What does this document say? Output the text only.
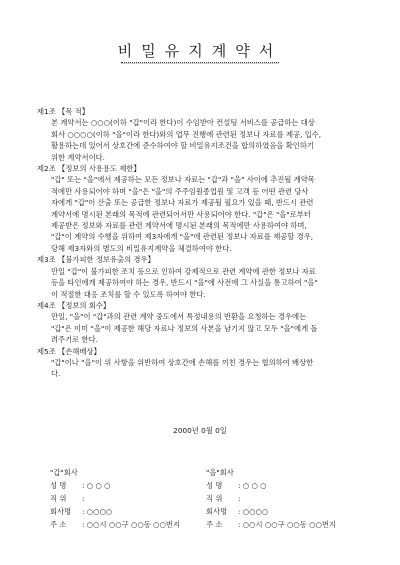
비밀유지계약서
제1조 【목 적】
본 계약서는 ○○○(이하 "갑"이라 한다)이 수임받아 컨설팅 서비스를 공급하는 대상
회사 ○○○○(이하 "을"이라 한다)와의 업무 진행에 관련된 정보나 자료를 제공, 입수,
활용하는데 있어서 상호간에 준수하여야 할 비밀유지조건을 합의하였음을 확인하기
위한 계약서이다.
제2조 【정보의 사용용도 제한】
"갑" 또는 "을"에서 제공하는 모든 정보나 자료는 "갑"과 "을" 사이에 추진될 계약목
적에만 사용되어야 하며 "을"은 "을"의 주주임원종업원 및 고객 등 어떤 관련 당사
자에게 "갑"이 산출 또는 공급한 정보나 자료가 제공될 필요가 있을 때, 반드시 관련
계약서에 명시된 본래의 목적에 관련되어서만 사용되어야 한다. "갑"은 "을"로부터
제공받은 정보와 자료를 관련 계약서에 명시된 본래의 목적에만 사용하여야 하며,
"갑"이 계약의 수행을 위하여 제3자에게 "을"에 관련된 정보나 자료를 제공할 경우,
당해 제3자와의 별도의 비밀유지계약을 체결하여야 한다.
제3조 【불가피한 정보유출의 경우】
만일 "갑"이 불가피한 조치 등으로 인하여 강제적으로 관련 계약에 관한 정보나 자료
등을 타인에게 제공하여야 하는 경우, 반드시 "을"에 사전에 그 사실을 통고하여 "을"
이 적절한 대응 조치를 할 수 있도록 하여야 한다.
제4조 【정보의 회수】
만일, "을"이 "갑"과의 관련 계약 중도에서 특정내용의 반환을 요청하는 경우에는
"갑"은 이미 "을"이 제공한 해당 자료나 정보의 사본을 남기지 않고 모두 "을"에게 돌
려주기로 한다.
제5조 【손해배상】
"갑"이나 "을"이 위 사항을 위반하여 상호간에 손해를 끼친 경우는 협의하여 배상한
다.
2000년 0월 0일
"갑"회사
성 명 : ○ ○ ○
직 위 :
회사명 : ○○○○
주 소 : ○○시 ○○구 ○○동 ○○번지
"을"회사
성 명 : ○ ○ ○
직 위 :
회사명 : ○○○○
주 소 : ○○시 ○○구 ○○동 ○○번지
